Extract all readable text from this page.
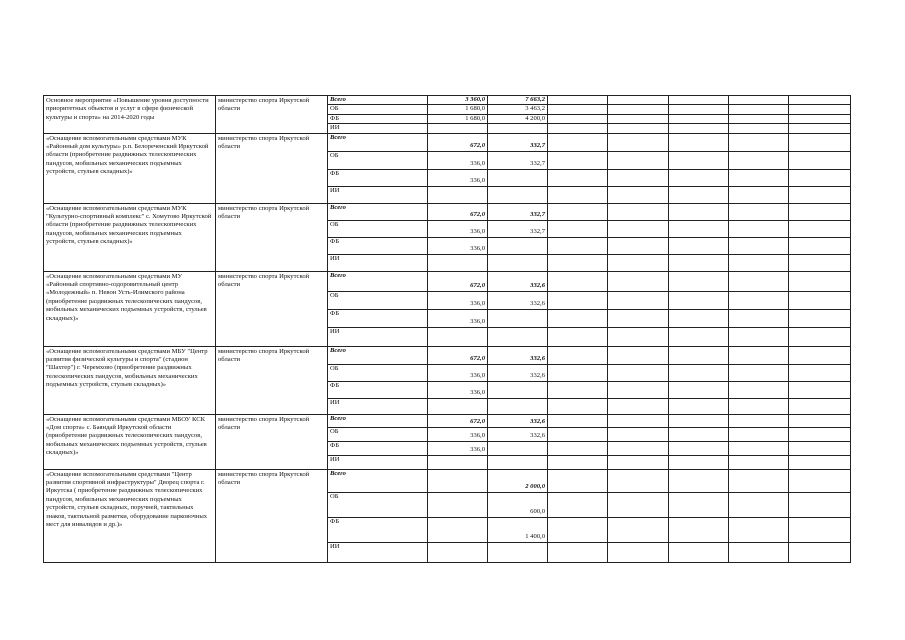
Основное мероприятие «Повышение уровня доступности приоритетных объектов и услуг в сфере физической культуры и спорта» на 2014-2020 годы	министерство спорта Иркутской области	Всего	3 360,0	7 663,2					
		ОБ	1 680,0	3 463,2					
		ФБ	1 680,0	4 200,0					
		ИИ							
«Оснащение вспомогательными средствами МУК «Районный дом культуры» р.п. Белореченский Иркутской области (приобретение раздвижных телескопических пандусов, мобильных механических подъемных устройств, стульев складных)»	министерство спорта Иркутской области	Всего	672,0	332,7					
		ОБ	336,0	332,7					
		ФБ	336,0						
		ИИ							
«Оснащение вспомогательными средствами МУК "Культурно-спортивный комплекс" с. Хомутово Иркутской области (приобретение раздвижных телескопических пандусов, мобильных механических подъемных устройств, стульев складных)»	министерство спорта Иркутской области	Всего	672,0	332,7					
		ОБ	336,0	332,7					
		ФБ	336,0						
		ИИ							
«Оснащение вспомогательными средствами МУ «Районный спортивно-оздоровительный центр «Молодежный» п. Невон Усть-Илимского района (приобретение раздвижных телескопических пандусов, мобильных механических подъемных устройств, стульев складных)»	министерство спорта Иркутской области	Всего	672,0	332,6					
		ОБ	336,0	332,6					
		ФБ	336,0						
		ИИ							
«Оснащение вспомогательными средствами МБУ "Центр развития физической культуры и спорта" (стадион "Шахтер") г. Черемхово (приобретение раздвижных телескопических пандусов, мобильных механических подъемных устройств, стульев складных)»	министерство спорта Иркутской области	Всего	672,0	332,6					
		ОБ	336,0	332,6					
		ФБ	336,0						
		ИИ							
«Оснащение вспомогательными средствами МБОУ КСК «Дом спорта» с. Баяндай Иркутской области (приобретение раздвижных телескопических пандусов, мобильных механических подъемных устройств, стульев складных)»	министерство спорта Иркутской области	Всего	672,0	332,6					
		ОБ	336,0	332,6					
		ФБ	336,0						
		ИИ							
«Оснащение вспомогательными средствами "Центр развития спортивной инфраструктуры" Дворец спорта г. Иркутска ( приобретение раздвижных телескопических пандусов, мобильных механических подъемных устройств, стульев складных, поручней, тактильных знаков, тактильной разметки, оборудование парковочных мест для инвалидов и др.)»	министерство спорта Иркутской области	Всего		2 000,0					
		ОБ		600,0					
		ФБ		1 400,0					
		ИИ							
